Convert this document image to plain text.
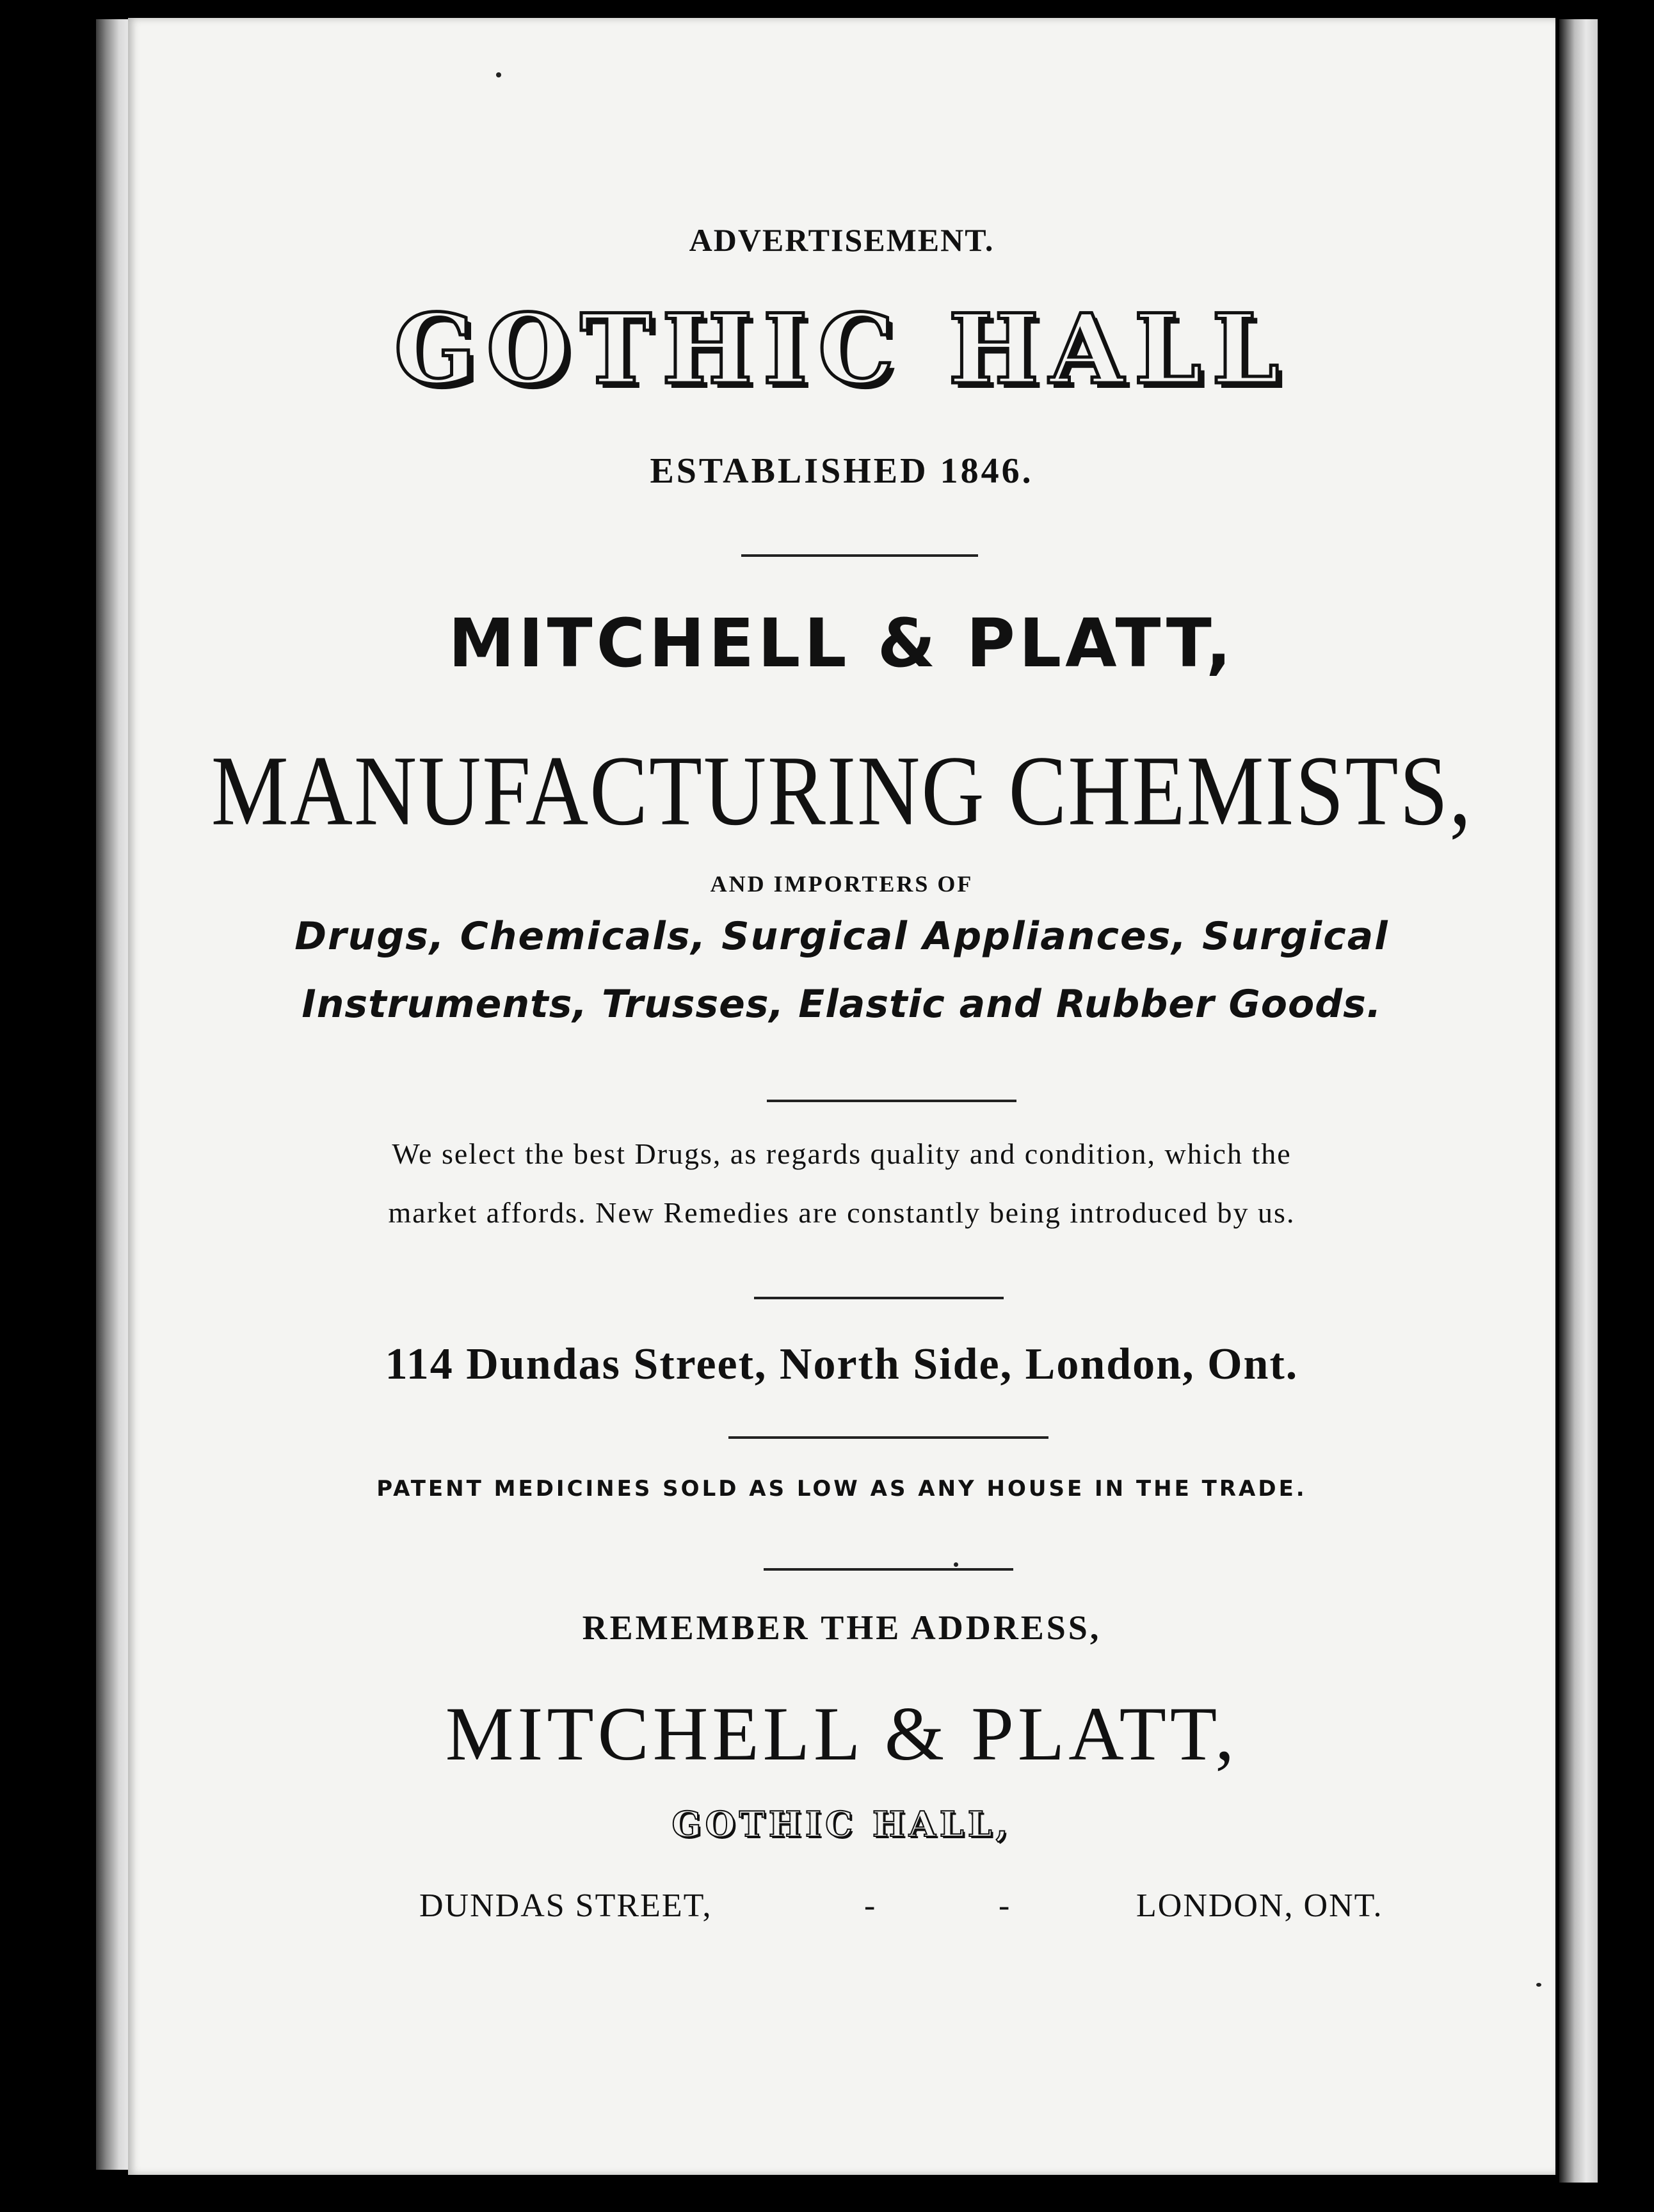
ADVERTISEMENT.
GOTHIC HALL
ESTABLISHED 1846.
MITCHELL & PLATT,
MANUFACTURING CHEMISTS,
AND IMPORTERS OF
Drugs, Chemicals, Surgical Appliances, Surgical
Instruments, Trusses, Elastic and Rubber Goods.
We select the best Drugs, as regards quality and condition, which the
market affords. New Remedies are constantly being introduced by us.
114 Dundas Street, North Side, London, Ont.
PATENT MEDICINES SOLD AS LOW AS ANY HOUSE IN THE TRADE.
REMEMBER THE ADDRESS,
MITCHELL & PLATT,
GOTHIC HALL,
DUNDAS STREET,	-	-	LONDON, ONT.
